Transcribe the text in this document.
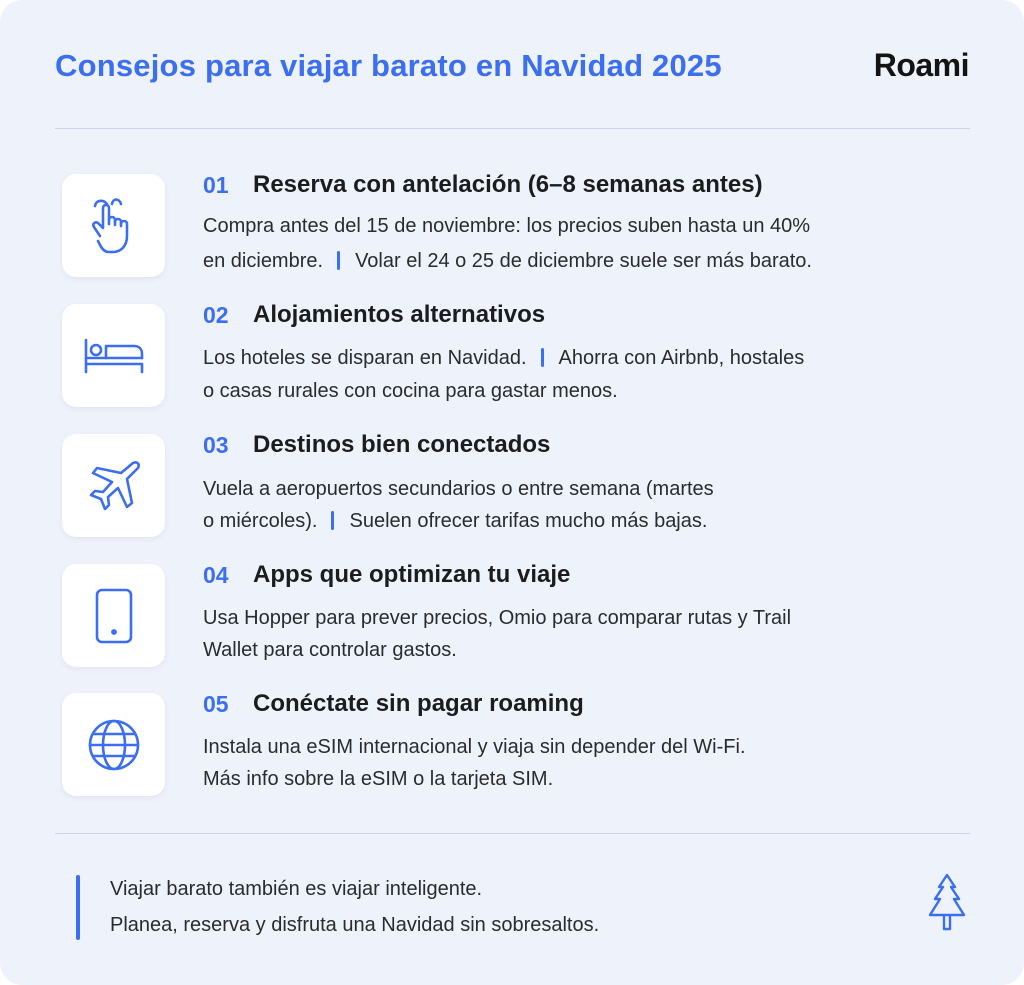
Consejos para viajar barato en Navidad 2025	Roami
01 Reserva con antelación (6–8 semanas antes)
Compra antes del 15 de noviembre: los precios suben hasta un 40%
en diciembre. Volar el 24 o 25 de diciembre suele ser más barato.
02 Alojamientos alternativos
Los hoteles se disparan en Navidad. Ahorra con Airbnb, hostales
o casas rurales con cocina para gastar menos.
03 Destinos bien conectados
Vuela a aeropuertos secundarios o entre semana (martes
o miércoles). Suelen ofrecer tarifas mucho más bajas.
04 Apps que optimizan tu viaje
Usa Hopper para prever precios, Omio para comparar rutas y Trail
Wallet para controlar gastos.
05 Conéctate sin pagar roaming
Instala una eSIM internacional y viaja sin depender del Wi-Fi.
Más info sobre la eSIM o la tarjeta SIM.
Viajar barato también es viajar inteligente.
Planea, reserva y disfruta una Navidad sin sobresaltos.
